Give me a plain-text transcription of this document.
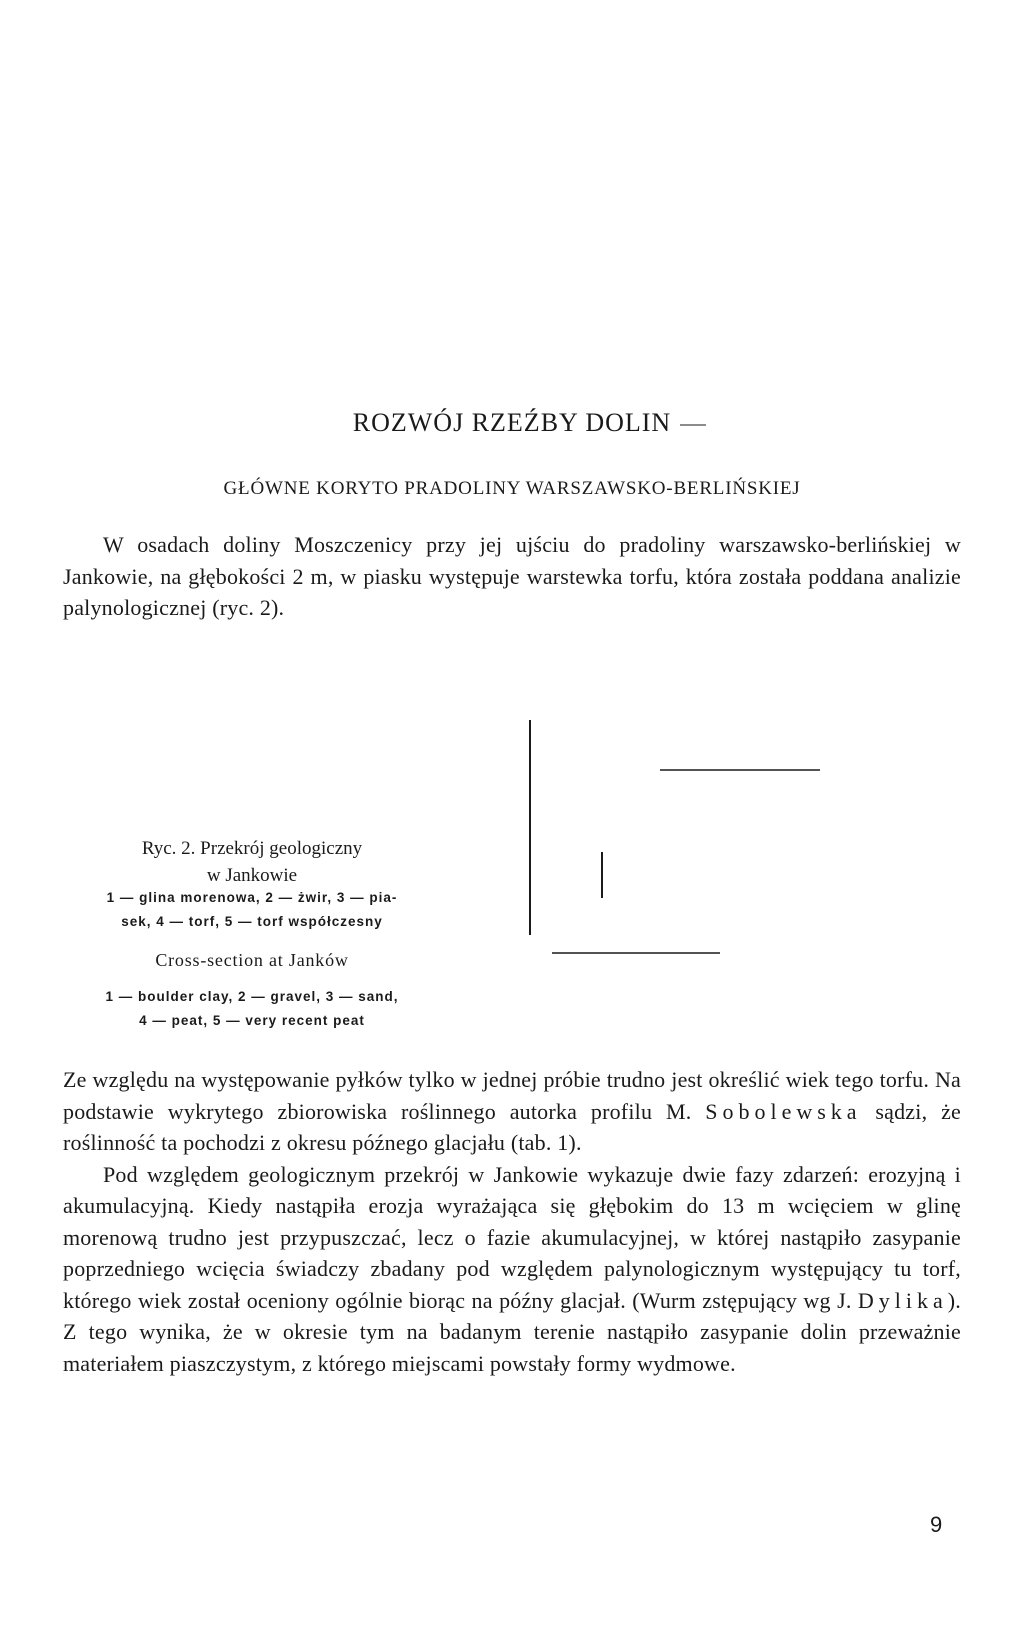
ROZWÓJ RZEŹBY DOLIN
GŁÓWNE KORYTO PRADOLINY WARSZAWSKO-BERLIŃSKIEJ

W osadach doliny Moszczenicy przy jej ujściu do pradoliny warszawsko-berlińskiej w Jankowie, na głębokości 2 m, w piasku występuje warstewka torfu, która została poddana analizie palynologicznej (ryc. 2).

Ryc. 2. Przekrój geologiczny
w Jankowie
1 — glina morenowa, 2 — żwir, 3 — pia-
sek, 4 — torf, 5 — torf współczesny
Cross-section at Janków
1 — boulder clay, 2 — gravel, 3 — sand,
4 — peat, 5 — very recent peat

Ze względu na występowanie pyłków tylko w jednej próbie trudno jest określić wiek tego torfu. Na podstawie wykrytego zbiorowiska roślinnego autorka profilu M. Sobolewska sądzi, że roślinność ta pochodzi z okresu późnego glacjału (tab. 1).

Pod względem geologicznym przekrój w Jankowie wykazuje dwie fazy zdarzeń: erozyjną i akumulacyjną. Kiedy nastąpiła erozja wyrażająca się głębokim do 13 m wcięciem w glinę morenową trudno jest przypuszczać, lecz o fazie akumulacyjnej, w której nastąpiło zasypanie poprzedniego wcięcia świadczy zbadany pod względem palynologicznym występujący tu torf, którego wiek został oceniony ogólnie biorąc na późny glacjał. (Wurm zstępujący wg J. Dylika). Z tego wynika, że w okresie tym na badanym terenie nastąpiło zasypanie dolin przeważnie materiałem piaszczystym, z którego miejscami powstały formy wydmowe.

9
